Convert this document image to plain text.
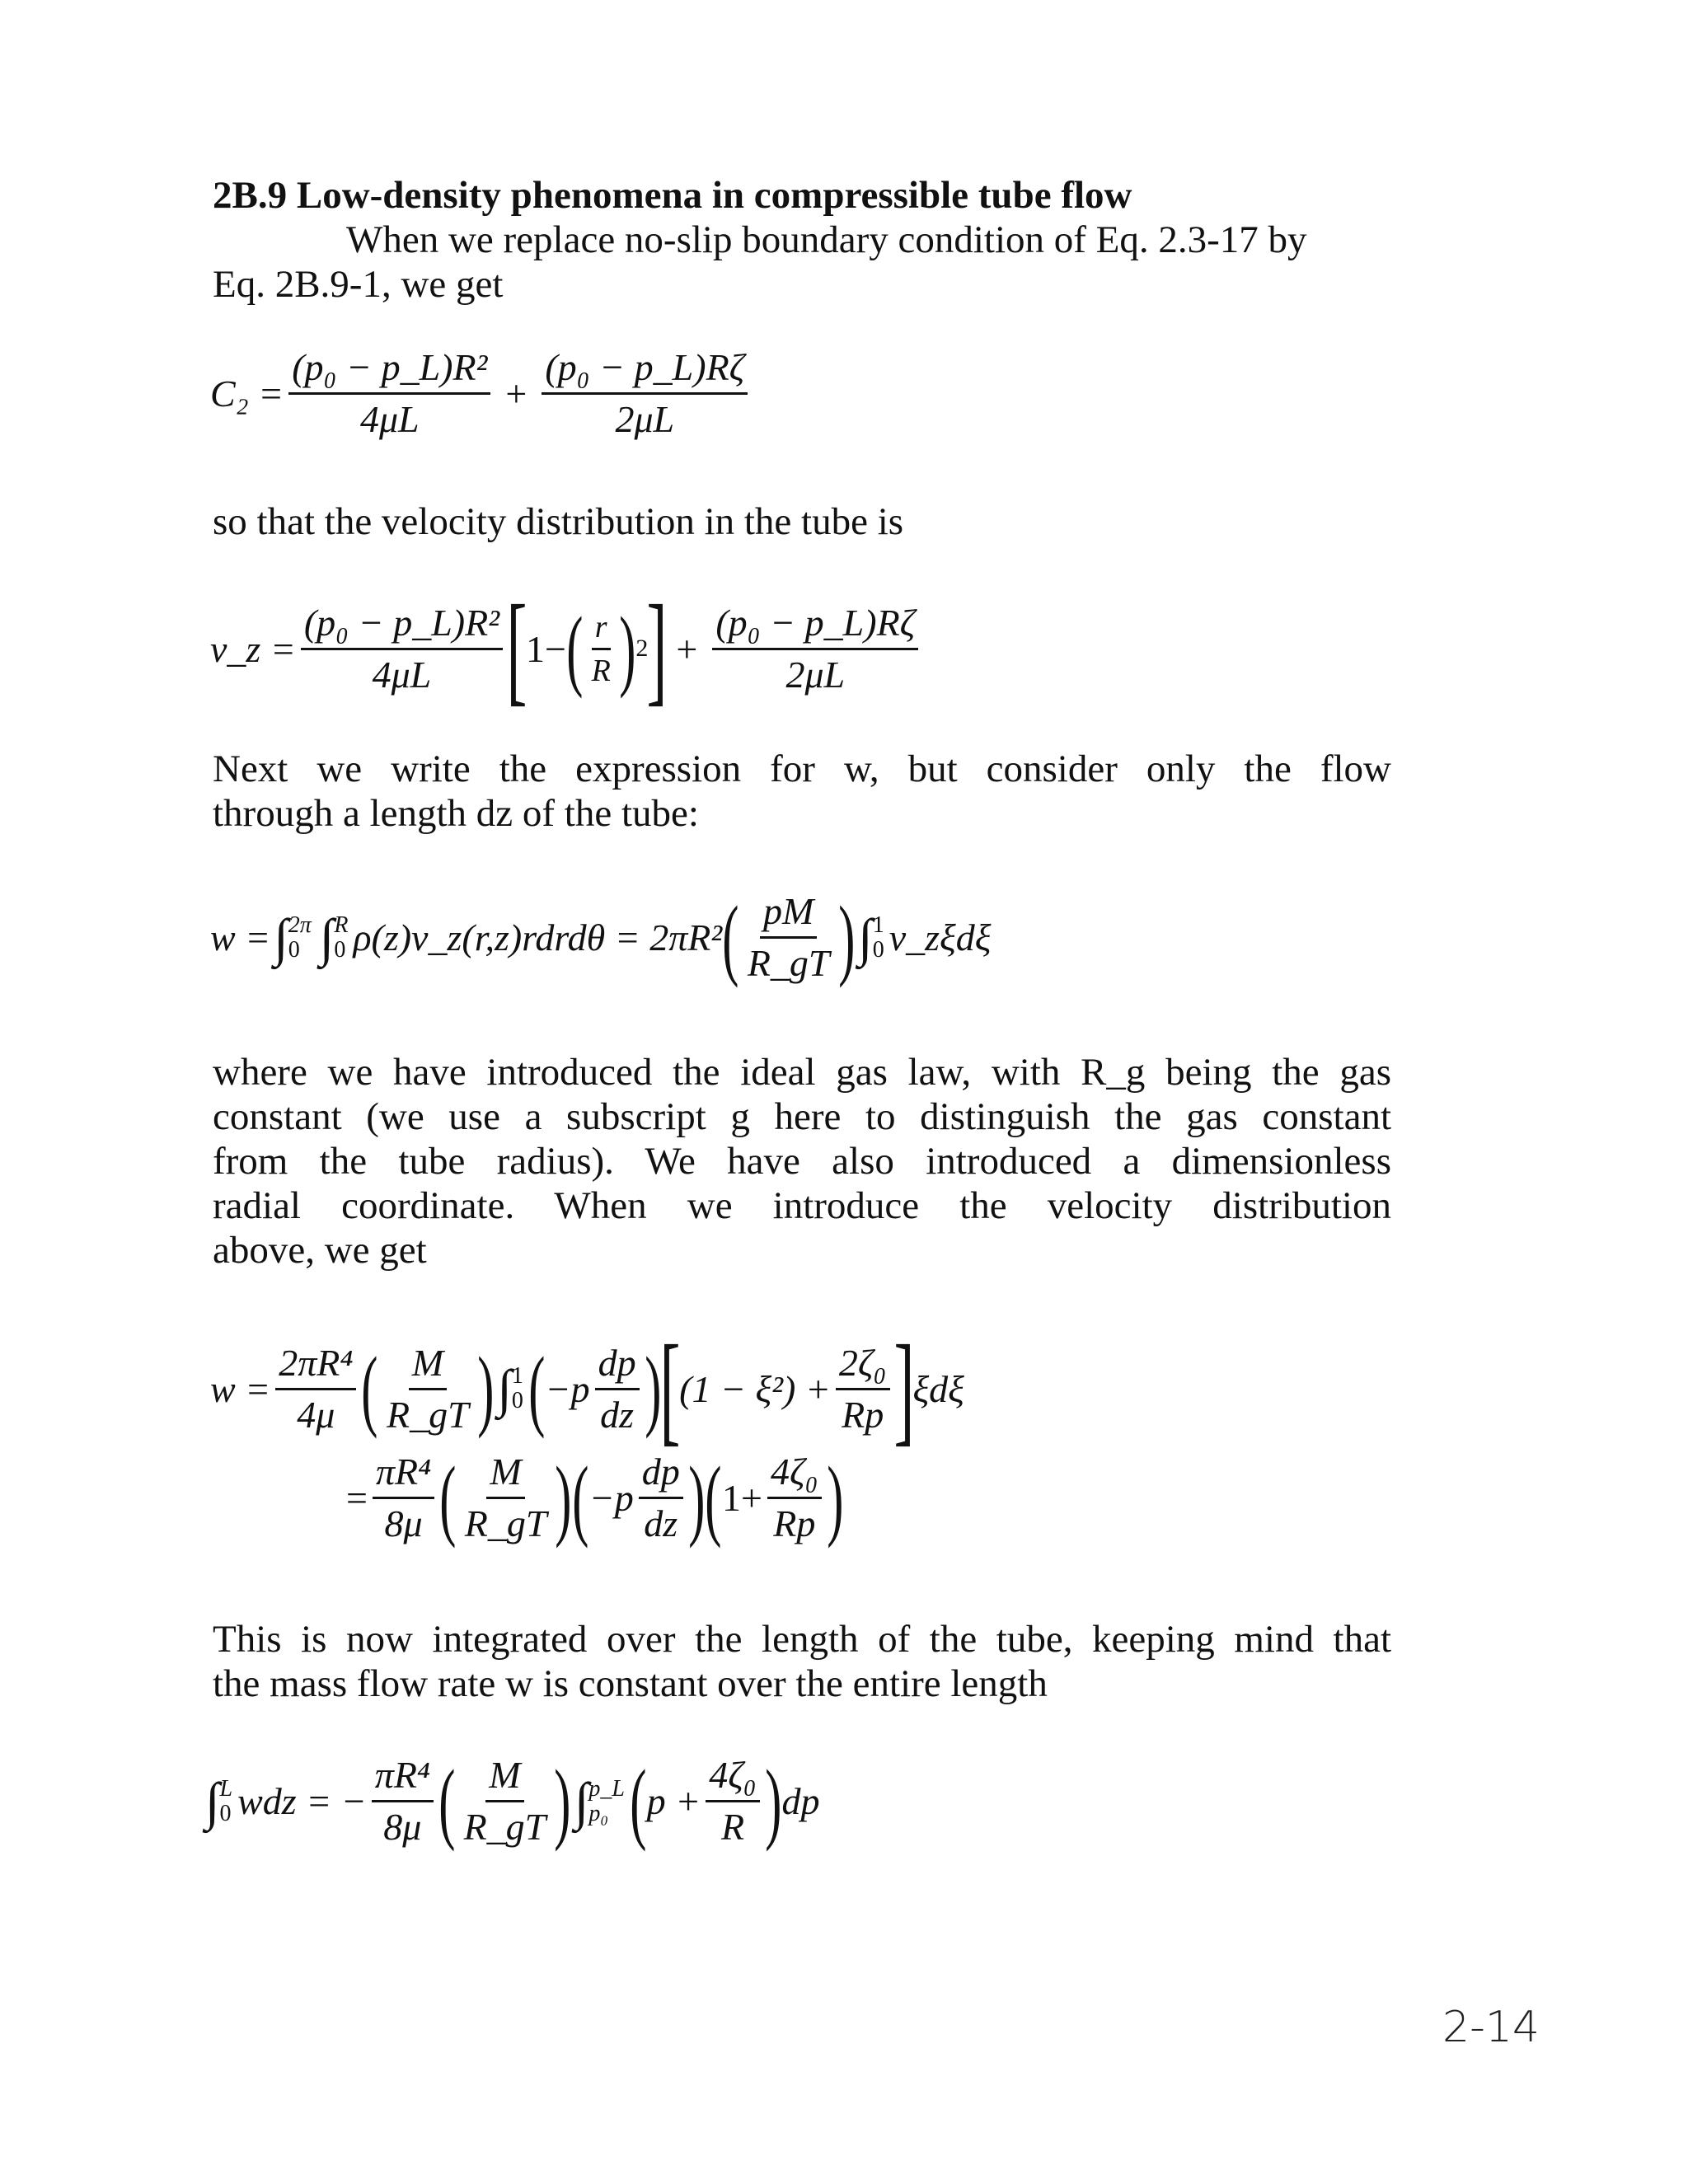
2B.9 Low-density phenomena in compressible tube flow

When we replace no-slip boundary condition of Eq. 2.3-17 by

Eq. 2B.9-1, we get

$C_2 = \frac{\text{(p₀ − p\_L)R²}}{4\mu L} + \frac{\text{(p₀ − p\_L)Rζ}}{2\mu L}$

so that the velocity distribution in the tube is

v_z = $\frac{\text{(p₀ − p\_L)R²}}{4\mu L}$ [
1− ( $\frac{r}{R}$ ) 2
] + $\frac{\text{(p₀ − p\_L)Rζ}}{2\mu L}$

Next we write the expression for w, but consider only the flow

through a length dz of the tube:

w = ∫ 2π
0 ∫ R
0 ρ(z)v_z(r,z)rdrdθ = 2πR² ( $\frac{pM}{R\_gT}$ ) ∫ 1
0 v_zξdξ

where we have introduced the ideal gas law, with R_g being the gas

constant (we use a subscript g here to distinguish the gas constant

from the tube radius). We have also introduced a dimensionless

radial coordinate. When we introduce the velocity distribution

above, we get

$w = \frac{\text{2πR⁴}}{4\mu}$ ( $\frac{M}{R\_gT}$ ) ∫ 1
0 ( $-p \frac{dp}{dz}$ )
[
$(1 - \xi^2) + \frac{\text{2ζ₀}}{Rp}$ ]
ξdξ
= $\frac{\text{πR⁴}}{8\mu}$ ( $\frac{M}{R\_gT}$ ) ( $-p \frac{dp}{dz}$ ) ( $1+ \frac{\text{4ζ₀}}{Rp}$ )

This is now integrated over the length of the tube, keeping mind that

the mass flow rate w is constant over the entire length

∫ L
0 wdz = − $\frac{\text{πR⁴}}{8\mu}$ ( $\frac{M}{R\_gT}$ ) ∫ p_L
p₀ ( $p + \frac{\text{4ζ₀}}{R}$ ) dp
2-14
